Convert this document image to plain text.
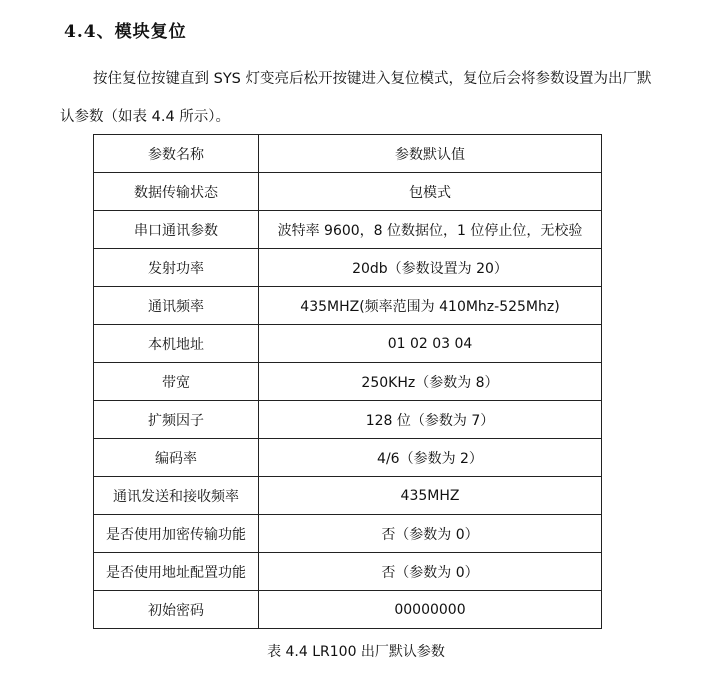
4.4、模块复位
按住复位按键直到 SYS 灯变亮后松开按键进入复位模式，复位后会将参数设置为出厂默
认参数（如表 4.4 所示）。
参数名称	参数默认值
数据传输状态	包模式
串口通讯参数	波特率 9600，8 位数据位，1 位停止位，无校验
发射功率	20db（参数设置为 20）
通讯频率	435MHZ(频率范围为 410Mhz-525Mhz)
本机地址	01 02 03 04
带宽	250KHz（参数为 8）
扩频因子	128 位（参数为 7）
编码率	4/6（参数为 2）
通讯发送和接收频率	435MHZ
是否使用加密传输功能	否（参数为 0）
是否使用地址配置功能	否（参数为 0）
初始密码	00000000
表 4.4 LR100 出厂默认参数
